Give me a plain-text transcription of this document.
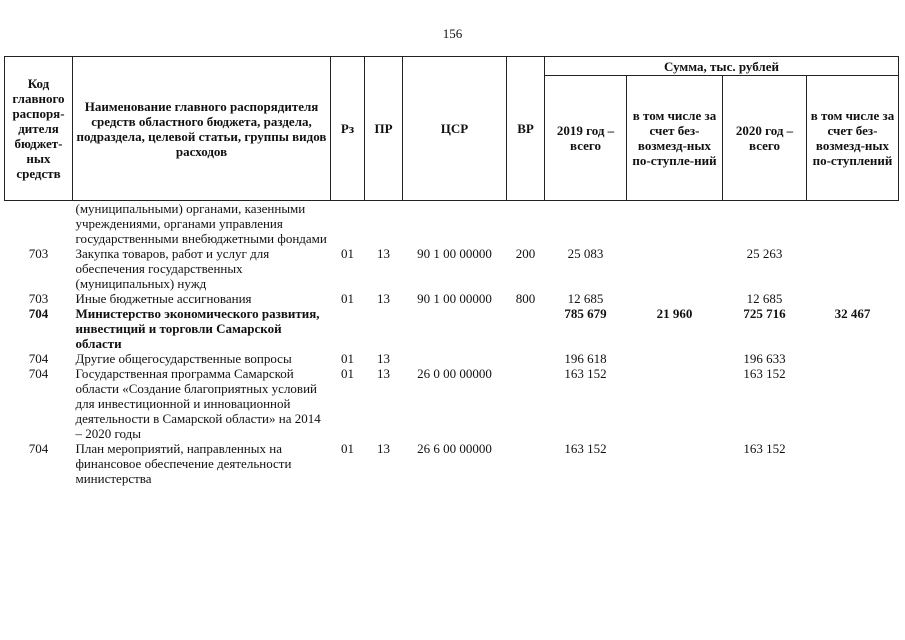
156
Код главного распоря-дителя бюджет-ных средств	Наименование главного распорядителя средств областного бюджета, раздела, подраздела, целевой статьи, группы видов расходов	Рз	ПР	ЦСР	ВР	Сумма, тыс. рублей			
						2019 год – всего	в том числе за счет без-возмезд-ных по-ступле-ний	2020 год – всего	в том числе за счет без-возмезд-ных по-ступлений
	(муниципальными) органами, казенными учреждениями, органами управления государственными внебюджетными фондами								
703	Закупка товаров, работ и услуг для обеспечения государственных (муниципальных) нужд	01	13	90 1 00 00000	200	25 083		25 263	
703	Иные бюджетные ассигнования	01	13	90 1 00 00000	800	12 685		12 685	
704	Министерство экономического развития, инвестиций и торговли Самарской области					785 679	21 960	725 716	32 467
704	Другие общегосударственные вопросы	01	13			196 618		196 633	
704	Государственная программа Самарской области «Создание благоприятных условий для инвестиционной и инновационной деятельности в Самарской области» на 2014 – 2020 годы	01	13	26 0 00 00000		163 152		163 152	
704	План мероприятий, направленных на финансовое обеспечение деятельности министерства	01	13	26 6 00 00000		163 152		163 152	
